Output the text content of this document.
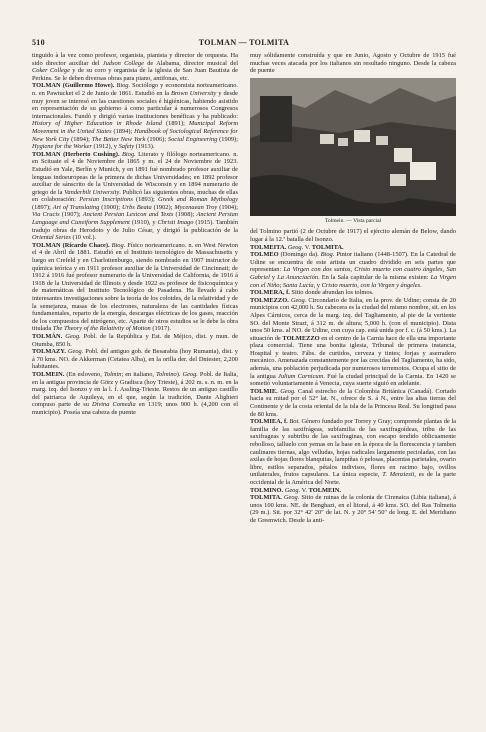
510	TOLMAN — TOLMITA

tinguido à la vez como profesor, organista, pianista y director de orquesta. Ha sido director auxiliar del Judson College de Alabama, director musical del Coker College y de su coro y organista de la iglesia de San Juan Bautista de Perkins. Se le deben diversas obras para piano, antifonas, etc.

TOLMAN (Guillermo Howe). Biog. Sociólogo y economista norteamericano. n. en Pawtucket el 2 de Junio de 1861. Estudió en la Brown University y desde muy joven se interesó en las cuestiones sociales é higiénicas, habiendo asistido en representación de su gobierno á como particular á numerosos Congresos internacionales. Fundó y dirigió varias instituciones benéficas y ha publicado: History of Higher Education in Rhode Island (1891); Municipal Reform Movement in the United States (1894); Handbook of Sociological Reference for New York City (1894); The Better New York (1906); Social Engineering (1909); Hygiene for the Worker (1912), y Safety (1913).

TOLMAN (Herberto Cushing). Biog. Literato y filólogo norteamericano. n. en Scituate el 4 de Noviembre de 1865 y m. el 24 de Noviembre de 1923. Estudió en Yale, Berlín y Munich, y en 1891 fué nombrado profesor auxiliar de lenguas indoeuropeas de la primera de dichas Universidades; en 1892 profesor auxiliar de sánscrito de la Universidad de Wisconsin y en 1894 numerario de griego de la Vanderbilt University. Publicó las siguientes obras, muchas de ellas en colaboración: Persian Inscriptions (1893); Greek and Roman Mythology (1897); Art of Translating (1900); Urbs Beata (1902); Mycenaean Troy (1904); Via Crucis (1907); Ancient Persian Lexicon and Texts (1908); Ancient Persian Language and Cuneiform Supplement (1910), y Christi Imago (1915). También tradujo obras de Herodoto y de Julio César, y dirigió la publicación de la Oriental Series (10 vol.).

TOLMAN (Ricardo Chace). Biog. Físico norteamericano. n. en West Newton el 4 de Abril de 1881. Estudió en el Instituto tecnológico de Massachusetts y luego en Crefeld y en Charlottenburgo, siendo nombrado en 1907 instructor de química teórica y en 1911 profesor auxiliar de la Universidad de Cincinnati; de 1912 á 1916 fué profesor numerario de la Universidad de California, de 1916 á 1918 de la Universidad de Illinois y desde 1922 es profesor de fisicoquímica y de matemáticas del Instituto Tecnológico de Pasadena. Ha llevado á cabo interesantes investigaciones sobre la teoría de los coloides, de la relatividad y de la semejanza, masas de los electrones, naturaleza de las cantidades físicas fundamentales, reparto de la energía, descargas eléctricas de los gases, reacción de los compuestos del nitrógeno, etc. Aparte de otros estudios se le debe la obra titulada The Theory of the Relativity of Motion (1917).

TOLMÁN. Geog. Pobl. de la República y Est. de Méjico, dist. y mun. de Otumba, 850 h.

TOLMAZY. Geog. Pobl. del antiguo gob. de Besarabia (hoy Rumania), dist. y á 70 kms. NO. de Akkerman (Cetatea Alba), en la orilla der. del Dniester, 2,200 habitantes.

TOLMEIN. (En esloveno, Tolmin; en italiano, Tolmino). Geog. Pobl. de Italia, en la antigua provincia de Görz y Gradisca (hoy Trieste), á 202 m. s. n. m. en la marg. izq. del Isonzo y en la l. f. Assling-Trieste. Restos de un antiguo castillo del patriarca de Aquileya, en el que, según la tradición, Dante Alighieri compuso parte de su Divina Comedia en 1319; unos 900 h. (4,200 con el municipio). Poseía una cabeza de puente

muy sólidamente construída y que en Junio, Agosto y Octubre de 1915 fué muchas veces atacada por los italianos sin resultado ninguno. Desde la cabeza de puente

Tolmein. — Vista parcial

del Tolmino partió (2 de Octubre de 1917) el ejército alemán de Below, dando lugar á la 12.ª batalla del Isonzo.

TOLMEITA. Geog. V. TOLMITA.

TOLMEO (Domingo da). Biog. Pintor italiano (1448-1507). En la Catedral de Udine se encuentra de este artista un cuadro dividido en seis partes que representan: La Virgen con dos santos, Cristo muerto con cuatro ángeles, San Gabriel y La Anunciación. En la Sala capitular de la misma existen: La Virgen con el Niño; Santa Lucía, y Cristo muerto, con la Virgen y ángeles.

TOLMERA, f. Sitio donde abundan los tolmos.

TOLMEZZO. Geog. Circondario de Italia, en la prov. de Udine; consta de 20 municipios con 42,000 h. Su cabecera es la ciudad del mismo nombre, sit. en los Alpes Cárnicos, cerca de la marg. izq. del Tagliamento, al pie de la vertiente SO. del Monte Strazt, á 312 m. de altura; 5,000 h. (con el municipio). Dista unos 50 kms. al NO. de Udine, con cuya cap. está unida por f. c. (á 50 kms.). La situación de TOLMEZZO en el centro de la Carnia hace de ella una importante plaza comercial. Tiene una bonita iglesia, Tribunal de primera instancia, Hospital y teatro. Fábs. de curtidos, cerveza y tintes; forjas y aserradero mecánico. Amenazada constantemente por las crecidas del Tagliamento, ha sido, además, una población perjudicada por numerosos terremotos. Ocupa el sitio de la antigua Julium Carnicum. Fué la ciudad principal de la Carnia. En 1420 se sometió voluntariamente á Venecia, cuya suerte siguió en adelante.

TOLMIE. Geog. Canal estrecho de la Colombia Británica (Canadá). Cortado hacia su mitad por el 52° lat. N., ofrece de S. á N., entre las altas tierras del Continente y de la costa oriental de la isla de la Princesa Real. Su longitud pasa de 80 kms.

TOLMIEA, f. Bot. Género fundado por Torrey y Gray; comprende plantas de la familia de las saxifrágeas, subfamilia de las saxifragoídeas, tribu de las saxifrageas y subtribu de las saxifraginas, con escapo tendido oblicuamente rebolloso, talluelo con yemas en la base en la época de la florescencia y tamben caulinares tiernas, algo velludas, hojas radicales largamente pecioladas, con las axilas de hojas flores blanquitas, lampiñas ó pelosas, placentas parietales, ovario libre, estilos separados, pétalos indivisos, flores en racimo bajo, ovillos unilaterales, frutos capsulares. La única especie, T. Menziesii, es de la parte occidental de la América del Norte.

TOLMINO. Geog. V. TOLMEIN.

TOLMITA. Geog. Sitio de ruinas de la colonia de Cirenaica (Libia italiana), á unos 100 kms. NE. de Benghazi, en el litoral, á 40 kms. SO. del Ras Tolmeita (29 m.). Sit. por 32° 42′ 20″ de lat. N. y 20° 54′ 50″ de long. E. del Meridiano de Greenwich. Desde la anti-
